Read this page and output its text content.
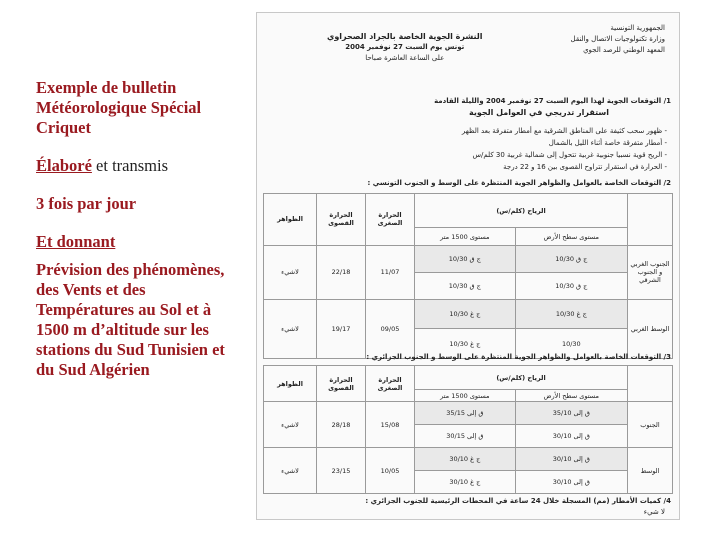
Exemple de bulletin Météorologique Spécial Criquet
Élaboré et transmis
3 fois par jour
Et donnant
Prévision des phénomènes, des Vents et des Températures au Sol et à 1500 m d’altitude sur les stations du Sud Tunisien et du Sud Algérien
الجمهورية التونسية
وزارة تكنولوجيات الاتصال والنقل
المعهد الوطني للرصد الجوي
النشرة الجوية الخاصة بالجراد الصحراوي
تونس يوم السبت 27 نوفمبر 2004
على الساعة العاشرة صباحا
1/ التوقعات الجوية لهذا اليوم السبت 27 نوفمبر 2004 والليلة القادمة
استقرار تدريجي في العوامل الجوية
- ظهور سحب كثيفة على المناطق الشرقية مع أمطار متفرقة بعد الظهر
- أمطار متفرقة خاصة أثناء الليل بالشمال
- الريح قوية نسبيا جنوبية غربية تتحول إلى شمالية غربية 30 كلم/س
- الحرارة في استقرار تتراوح القصوى بين 16 و 22 درجة
2/ التوقعات الخاصة بالعوامل والظواهر الجوية المنتظرة على الوسط و الجنوب التونسي :
	الرياح (كلم/س)		الحرارة الصغرى	الحرارة القصوى	الظواهر
	مستوى سطح الأرض	مستوى 1500 متر			
الجنوب الغربي و الجنوب الشرقي	ج ق 10/30	ج ق 10/30	11/07	22/18	لاشيء
	ج ق 10/30	ج ق 10/30			
الوسط الغربي	ج غ 10/30	ج غ 10/30	09/05	19/17	لاشيء
	10/30	ج غ 10/30			
3/ التوقعات الخاصة بالعوامل والظواهر الجوية المنتظرة على الوسط و الجنوب الجزائري :
	الرياح (كلم/س)		الحرارة الصغرى	الحرارة القصوى	الظواهر
	مستوى سطح الأرض	مستوى 1500 متر			
الجنوب	ق إلى 35/10	ق إلى 35/15	15/08	28/18	لاشيء
	ق إلى 30/10	ق إلى 30/15			
الوسط	ق إلى 30/10	ج غ 30/10	10/05	23/15	لاشيء
	ق إلى 30/10	ج غ 30/10			
4/ كميات الأمطار (مم) المسجلة خلال 24 ساعة في المحطات الرئيسية للجنوب الجزائري :
لا شيء
